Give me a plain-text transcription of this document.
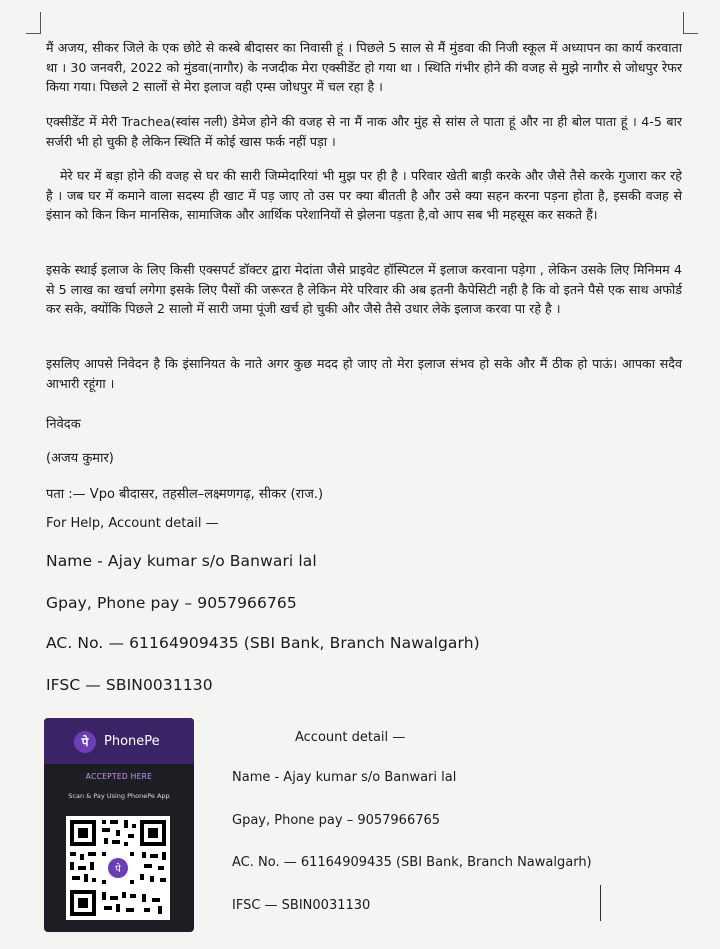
मैं अजय, सीकर जिले के एक छोटे से कस्बे बीदासर का निवासी हूं । पिछले 5 साल से मैं मुंडवा की निजी स्कूल में अध्यापन का कार्य करवाता था । 30 जनवरी, 2022 को मुंडवा(नागौर) के नजदीक मेरा एक्सीडेंट हो गया था । स्थिति गंभीर होने की वजह से मुझे नागौर से जोधपुर रेफर किया गया। पिछले 2 सालों से मेरा इलाज वही एम्स जोधपुर में चल रहा है ।
एक्सीडेंट में मेरी Trachea(स्वांस नली) डेमेज होने की वजह से ना मैं नाक और मुंह से सांस ले पाता हूं और ना ही बोल पाता हूं । 4-5 बार सर्जरी भी हो चुकी है लेकिन स्थिति में कोई खास फर्क नहीं पड़ा ।
मेरे घर में बड़ा होने की वजह से घर की सारी जिम्मेदारियां भी मुझ पर ही है । परिवार खेती बाड़ी करके और जैसे तैसे करके गुजारा कर रहे है । जब घर में कमाने वाला सदस्य ही खाट में पड़ जाए तो उस पर क्या बीतती है और उसे क्या सहन करना पड़ना होता है, इसकी वजह से इंसान को किन किन मानसिक, सामाजिक और आर्थिक परेशानियों से झेलना पड़ता है,वो आप सब भी महसूस कर सकते हैं।
इसके स्थाई इलाज के लिए किसी एक्सपर्ट डॉक्टर द्वारा मेदांता जैसे प्राइवेट हॉस्पिटल में इलाज करवाना पड़ेगा , लेकिन उसके लिए मिनिमम 4 से 5 लाख का खर्चा लगेगा इसके लिए पैसों की जरूरत है लेकिन मेरे परिवार की अब इतनी कैपेसिटी नही है कि वो इतने पैसे एक साथ अफोर्ड कर सके, क्योंकि पिछले 2 सालो में सारी जमा पूंजी खर्च हो चुकी और जैसे तैसे उधार लेके इलाज करवा पा रहे है ।
इसलिए आपसे निवेदन है कि इंसानियत के नाते अगर कुछ मदद हो जाए तो मेरा इलाज संभव हो सके और मैं ठीक हो पाऊं। आपका सदैव आभारी रहूंगा ।
निवेदक
(अजय कुमार)
पता :— Vpo बीदासर, तहसील–लक्ष्मणगढ़, सीकर (राज.)
For Help, Account detail —
Name - Ajay kumar s/o Banwari lal
Gpay, Phone pay – 9057966765
AC. No. — 61164909435 (SBI Bank, Branch Nawalgarh)
IFSC — SBIN0031130
पे	PhonePe
ACCEPTED HERE
Scan & Pay Using PhonePe App
पे
Account detail —
Name - Ajay kumar s/o Banwari lal
Gpay, Phone pay – 9057966765
AC. No. — 61164909435 (SBI Bank, Branch Nawalgarh)
IFSC — SBIN0031130
